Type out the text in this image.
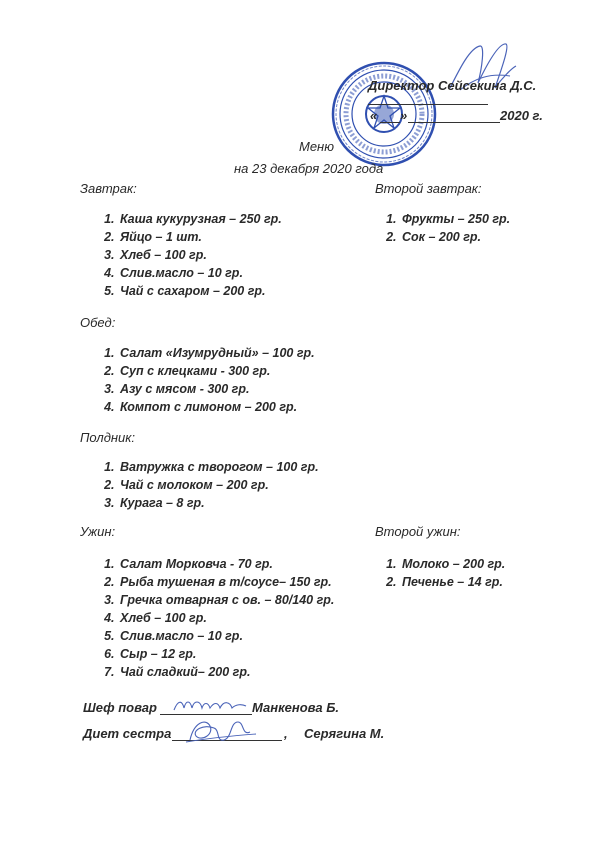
Директор Сейсекина Д.С.
« »	2020 г.
Меню
на 23 декабря 2020 года
Завтрак:
1. Каша кукурузная – 250 гр.
2. Яйцо – 1 шт.
3. Хлеб – 100 гр.
4. Слив.масло – 10 гр.
5. Чай с сахаром – 200 гр.
Второй завтрак:
1. Фрукты – 250 гр.
2. Сок – 200 гр.
Обед:
1. Салат «Изумрудный» – 100 гр.
2. Суп с клецками - 300 гр.
3. Азу с мясом - 300 гр.
4. Компот с лимоном – 200 гр.
Полдник:
1. Ватружка с творогом – 100 гр.
2. Чай с молоком – 200 гр.
3. Курага – 8 гр.
Ужин:
1. Салат Морковча - 70 гр.
2. Рыба тушеная в т/соусе– 150 гр.
3. Гречка отварная с ов. – 80/140 гр.
4. Хлеб – 100 гр.
5. Слив.масло – 10 гр.
6. Сыр – 12 гр.
7. Чай сладкий– 200 гр.
Второй ужин:
1. Молоко – 200 гр.
2. Печенье – 14 гр.
Шеф повар	Манкенова Б.
Диет сестра	, Серягина М.
